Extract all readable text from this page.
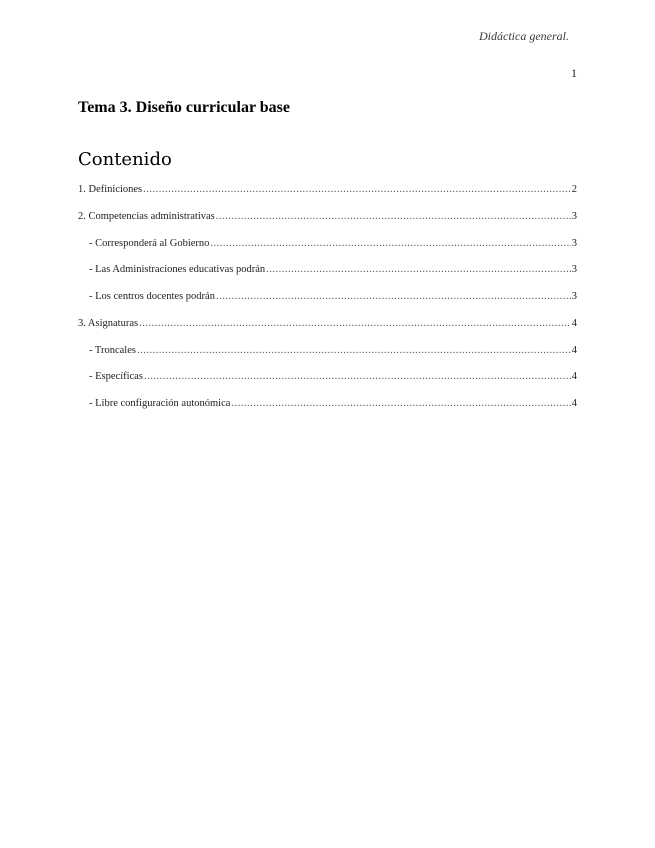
Didáctica general.
1
Tema 3. Diseño curricular base
Contenido
1. Definiciones .....	2
2. Competencias administrativas .....	3
- Corresponderá al Gobierno .....	3
- Las Administraciones educativas podrán .....	3
- Los centros docentes podrán .....	3
3. Asignaturas .....	4
- Troncales .....	4
- Específicas .....	4
- Libre configuración autonómica .....	4
